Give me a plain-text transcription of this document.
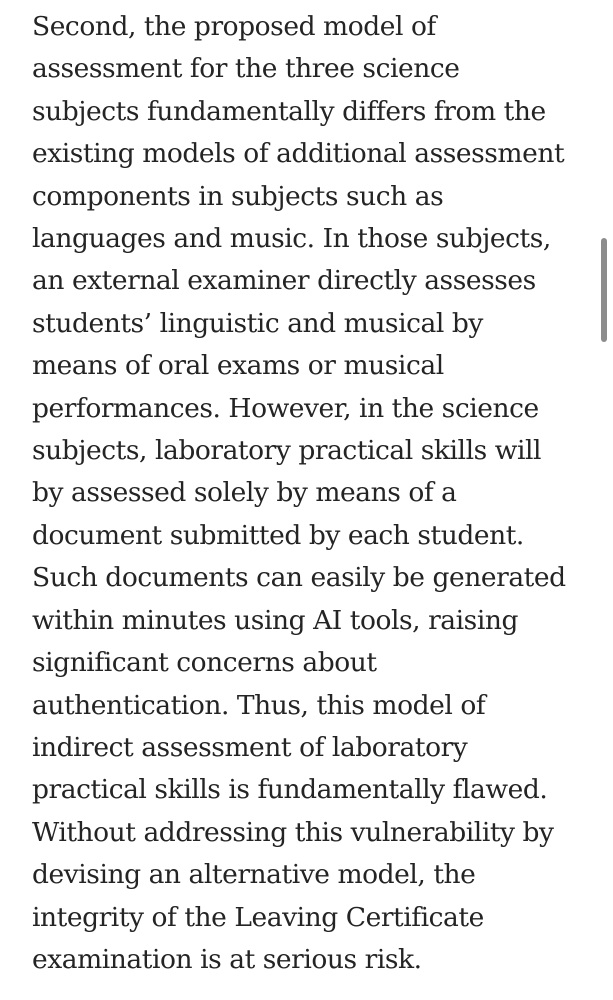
Second, the proposed model of
assessment for the three science
subjects fundamentally differs from the
existing models of additional assessment
components in subjects such as
languages and music. In those subjects,
an external examiner directly assesses
students’ linguistic and musical by
means of oral exams or musical
performances. However, in the science
subjects, laboratory practical skills will
by assessed solely by means of a
document submitted by each student.
Such documents can easily be generated
within minutes using AI tools, raising
significant concerns about
authentication. Thus, this model of
indirect assessment of laboratory
practical skills is fundamentally flawed.
Without addressing this vulnerability by
devising an alternative model, the
integrity of the Leaving Certificate
examination is at serious risk.
